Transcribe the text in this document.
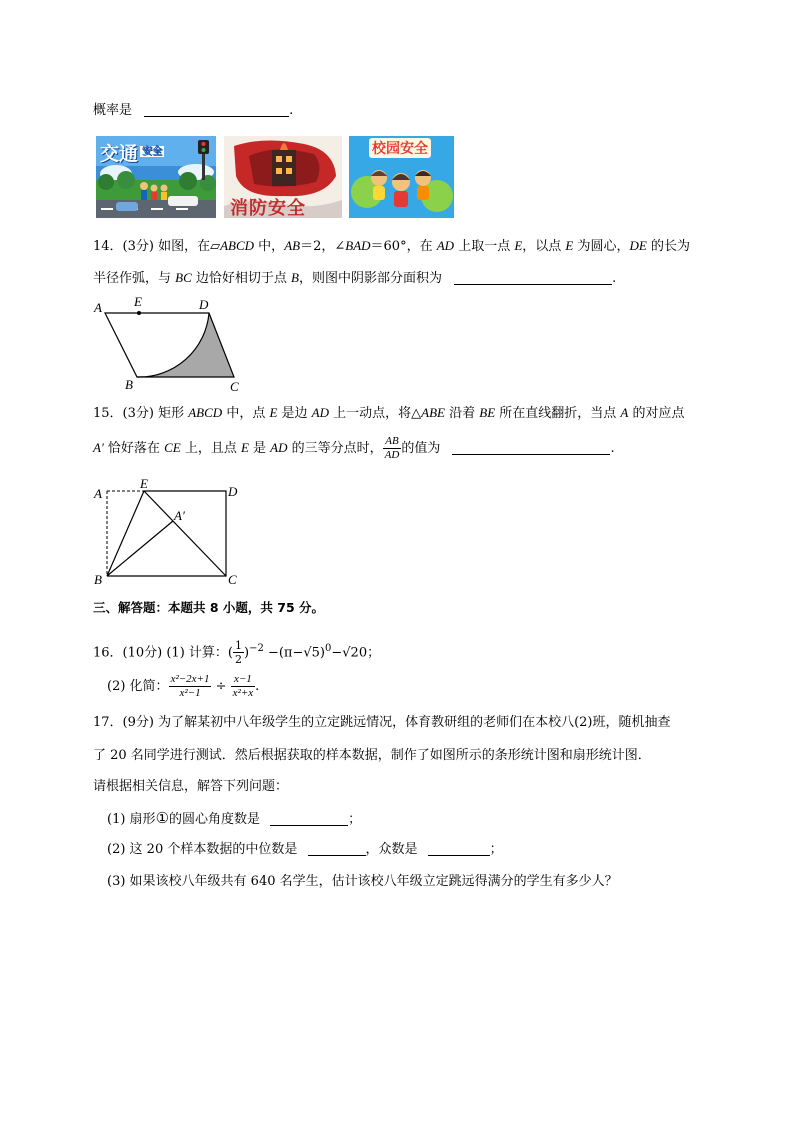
概率是	.
交通 $^{安全}$
消防安全
校园安全
14．(3分) 如图，在▱ABCD 中，AB＝2，∠BAD＝60°，在 AD 上取一点 E，以点 E 为圆心，DE 的长为
半径作弧，与 BC 边恰好相切于点 B，则图中阴影部分面积为	.
A E	D
B	C
15．(3分) 矩形 ABCD 中，点 E 是边 AD 上一动点，将△ABE 沿着 BE 所在直线翻折，当点 A 的对应点
A′ 恰好落在 CE 上，且点 E 是 AD 的三等分点时， $\frac{AB}{AD}$ 的值为	.
A
E
D
A′
B	C
三、解答题：本题共 8 小题，共 75 分。
16．(10分) (1) 计算：( $\frac{1}{2} )^{-2} -(\pi-√5)^0-√20$；
(2) 化简： $\frac{\text{x²−2x+1}}{\text{x²−1}} \div \frac{x-1}{\text{x²+x}}$ .
17．(9分) 为了解某初中八年级学生的立定跳远情况，体育教研组的老师们在本校八(2)班，随机抽查
了 20 名同学进行测试．然后根据获取的样本数据，制作了如图所示的条形统计图和扇形统计图．
请根据相关信息，解答下列问题：
(1) 扇形①的圆心角度数是	；
(2) 这 20 个样本数据的中位数是	，众数是	；
(3) 如果该校八年级共有 640 名学生，估计该校八年级立定跳远得满分的学生有多少人？
